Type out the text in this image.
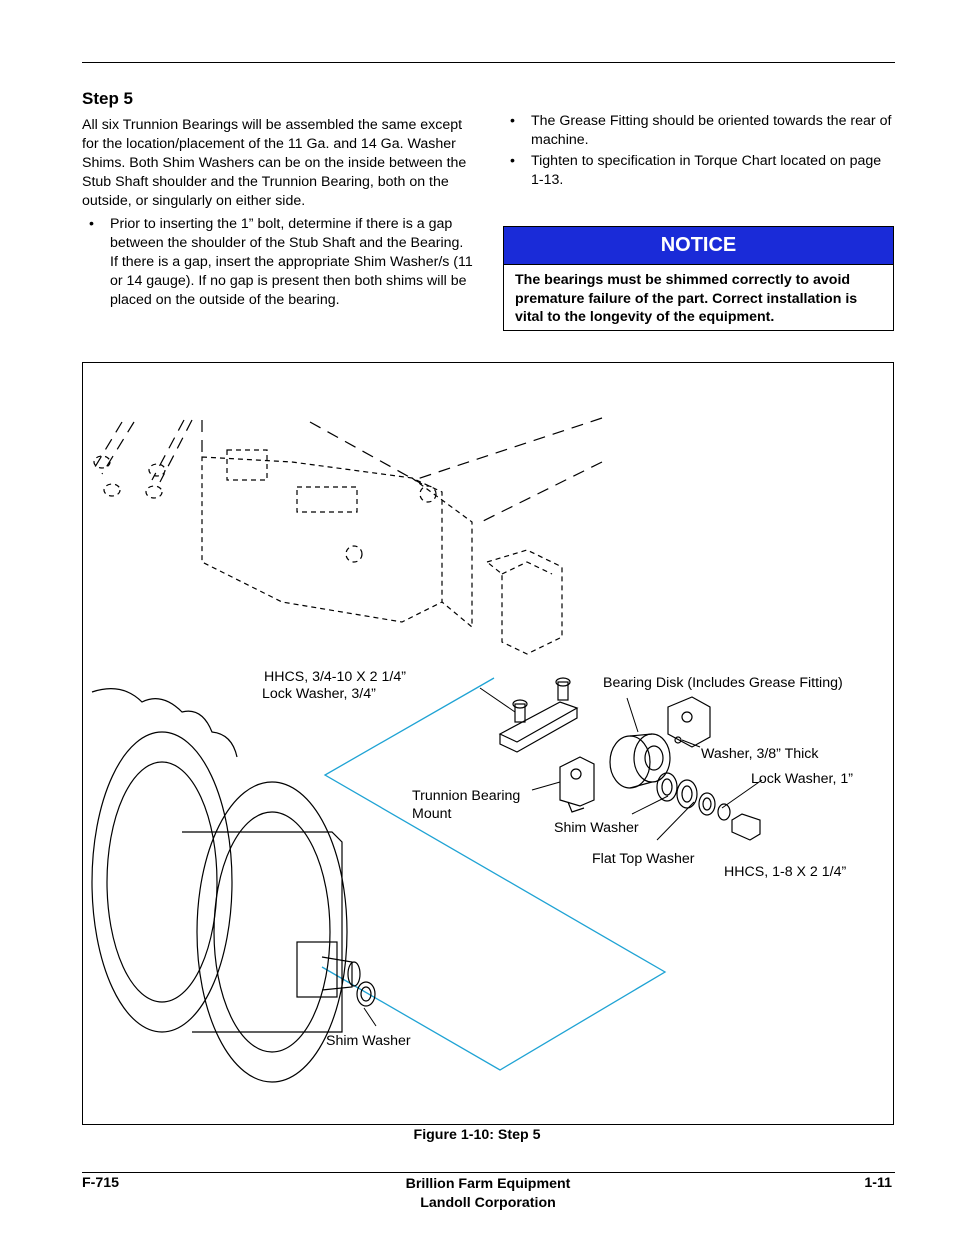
Step 5

All six Trunnion Bearings will be assembled the same except for the location/placement of the 11 Ga. and 14 Ga. Washer Shims. Both Shim Washers can be on the inside between the Stub Shaft shoulder and the Trunnion Bearing, both on the outside, or singularly on either side.

• Prior to inserting the 1” bolt, determine if there is a gap between the shoulder of the Stub Shaft and the Bearing. If there is a gap, insert the appropriate Shim Washer/s (11 or 14 gauge). If no gap is present then both shims will be placed on the outside of the bearing.
• The Grease Fitting should be oriented towards the rear of machine.
• Tighten to specification in Torque Chart located on page 1-13.
NOTICE
The bearings must be shimmed correctly to avoid premature failure of the part. Correct installation is vital to the longevity of the equipment.
HHCS, 3/4-10 X 2 1/4”
Lock Washer, 3/4”
Bearing Disk (Includes Grease Fitting)
Washer, 3/8” Thick
Lock Washer, 1”
Trunnion Bearing
Mount
Shim Washer
Flat Top Washer
HHCS, 1-8 X 2 1/4”
Shim Washer
Figure 1-10: Step 5
F-715	Brillion Farm Equipment
Landoll Corporation
1-11
